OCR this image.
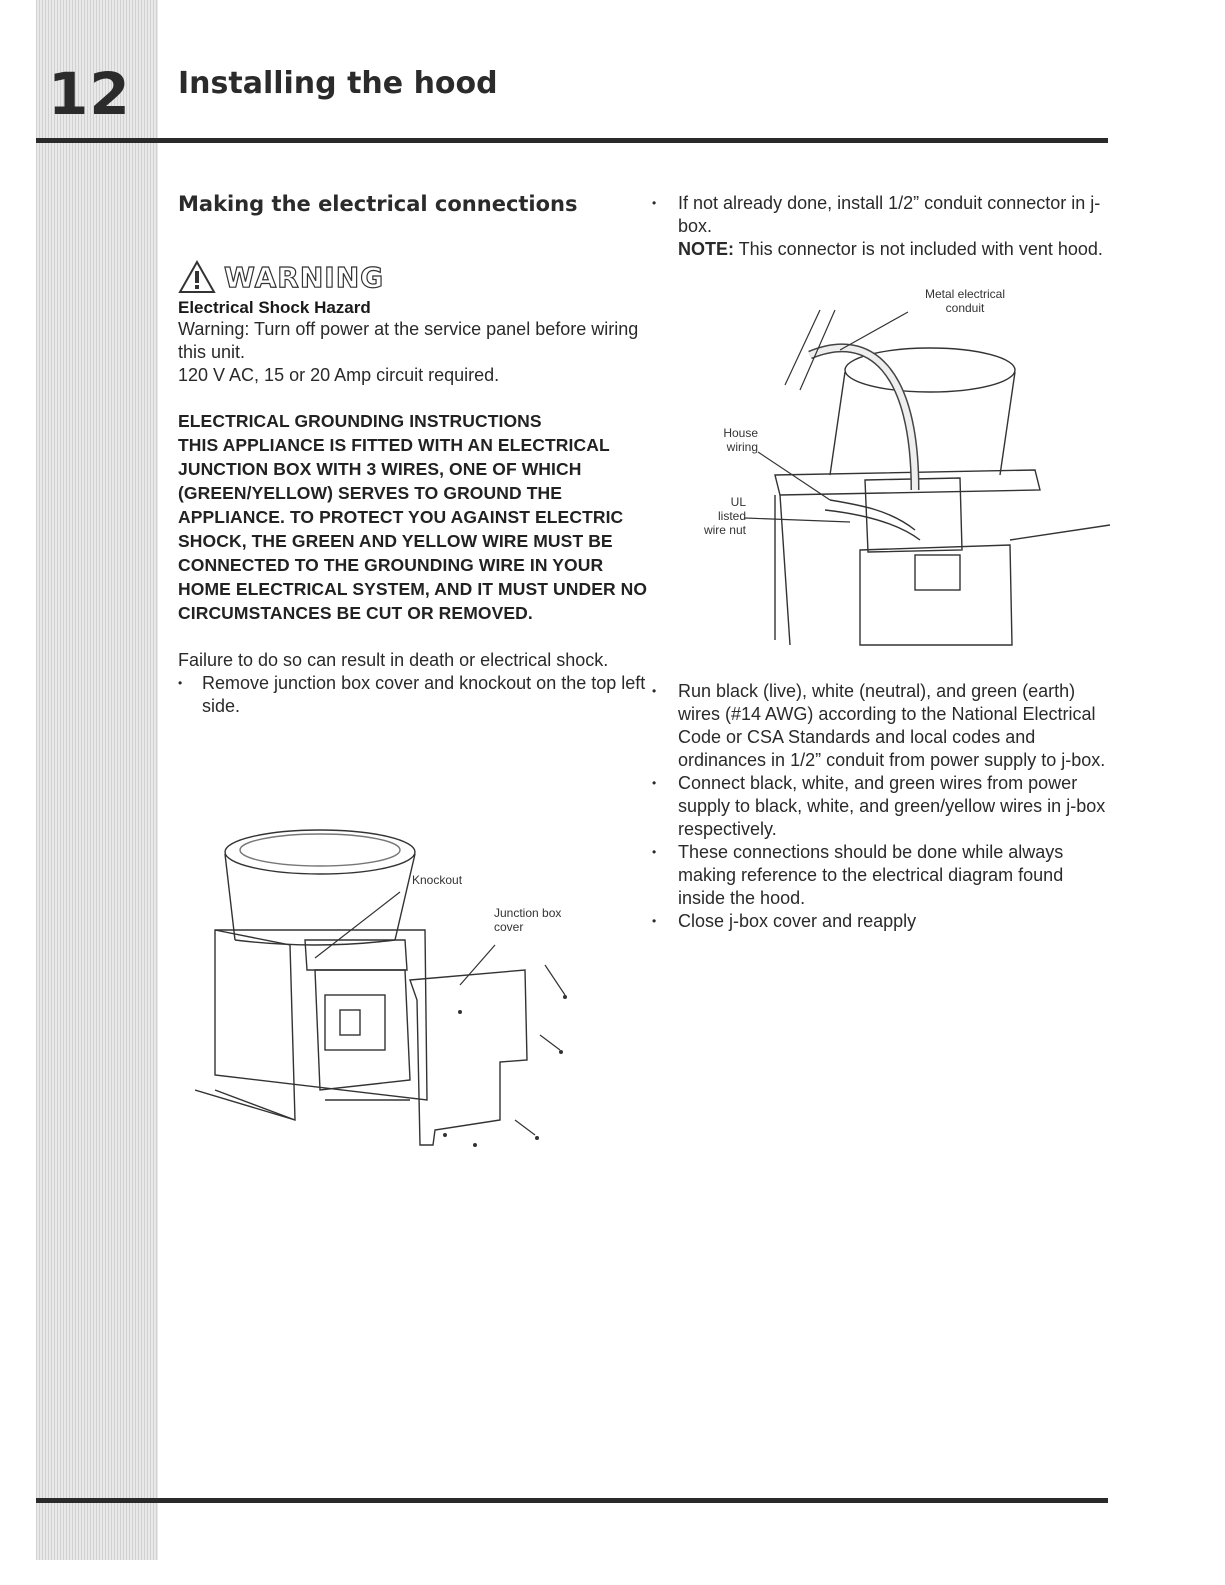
12 Installing the hood
Making the electrical connections
WARNING
Electrical Shock Hazard
Warning: Turn off power at the service panel before wiring this unit.
120 V AC, 15 or 20 Amp circuit required.
ELECTRICAL GROUNDING INSTRUCTIONS
THIS APPLIANCE IS FITTED WITH AN ELECTRICAL JUNCTION BOX WITH 3 WIRES, ONE OF WHICH (GREEN/YELLOW) SERVES TO GROUND THE APPLIANCE. TO PROTECT YOU AGAINST ELECTRIC SHOCK, THE GREEN AND YELLOW WIRE MUST BE CONNECTED TO THE GROUNDING WIRE IN YOUR HOME ELECTRICAL SYSTEM, AND IT MUST UNDER NO CIRCUMSTANCES BE CUT OR REMOVED.
Failure to do so can result in death or electrical shock.
• Remove junction box cover and knockout on the top left side.
Knockout
Junction box cover
• If not already done, install 1/2” conduit connector in j-box.
NOTE: This connector is not included with vent hood.
Metal electrical conduit
House wiring
UL listed wire nut
• Run black (live), white (neutral), and green (earth) wires (#14 AWG) according to the National Electrical Code or CSA Standards and local codes and ordinances in 1/2” conduit from power supply to j-box.
• Connect black, white, and green wires from power supply to black, white, and green/yellow wires in j-box respectively.
• These connections should be done while always making reference to the electrical diagram found inside the hood.
• Close j-box cover and reapply
